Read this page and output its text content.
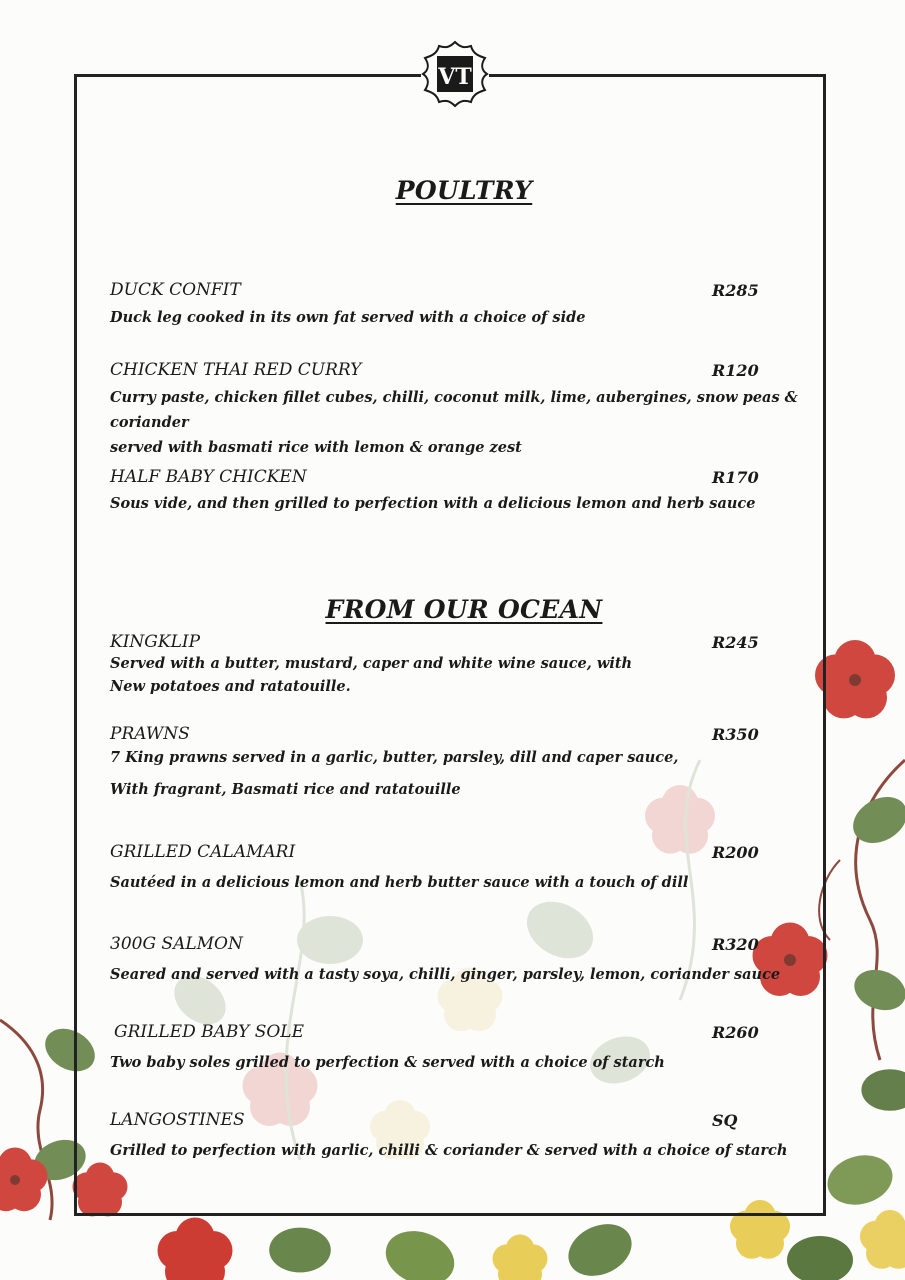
VT
POULTRY
DUCK CONFIT	R285
Duck leg cooked in its own fat served with a choice of side
CHICKEN THAI RED CURRY	R120
Curry paste, chicken fillet cubes, chilli, coconut milk, lime, aubergines, snow peas & coriander
served with basmati rice with lemon & orange zest
HALF BABY CHICKEN	R170
Sous vide, and then grilled to perfection with a delicious lemon and herb sauce
FROM OUR OCEAN
KINGKLIP	R245
Served with a butter, mustard, caper and white wine sauce, with
New potatoes and ratatouille.
PRAWNS	R350
7 King prawns served in a garlic, butter, parsley, dill and caper sauce,
With fragrant, Basmati rice and ratatouille
GRILLED CALAMARI	R200
Sautéed in a delicious lemon and herb butter sauce with a touch of dill
300G SALMON	R320
Seared and served with a tasty soya, chilli, ginger, parsley, lemon, coriander sauce
GRILLED BABY SOLE	R260
Two baby soles grilled to perfection & served with a choice of starch
LANGOSTINES	SQ
Grilled to perfection with garlic, chilli & coriander & served with a choice of starch
